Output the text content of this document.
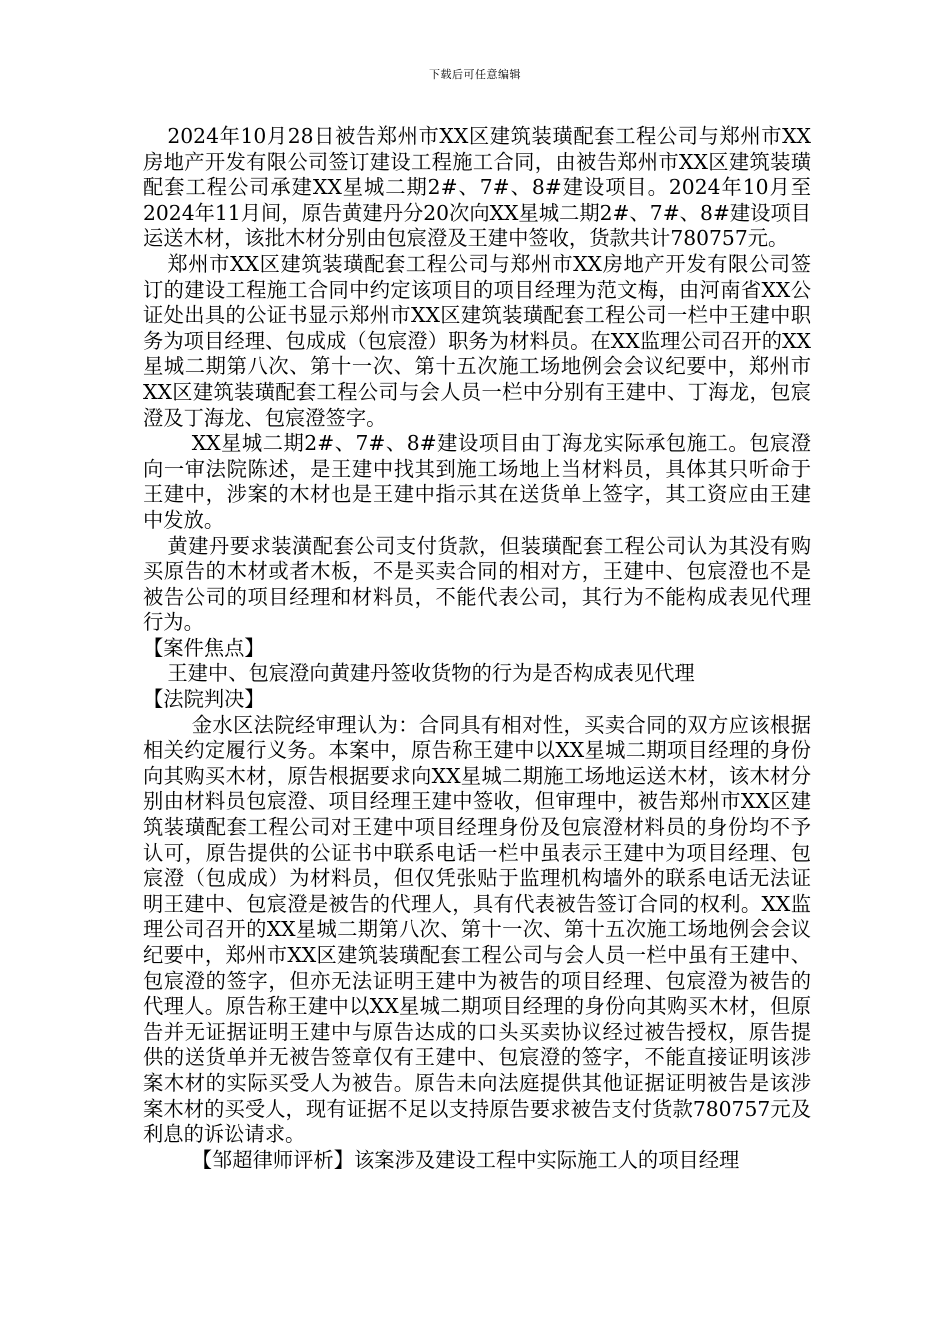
下载后可任意编辑

2024年10月28日被告郑州市XX区建筑装璜配套工程公司与郑州市XX房地产开发有限公司签订建设工程施工合同，由被告郑州市XX区建筑装璜配套工程公司承建XX星城二期2#、7#、8#建设项目。2024年10月至2024年11月间，原告黄建丹分20次向XX星城二期2#、7#、8#建设项目运送木材，该批木材分别由包宸澄及王建中签收，货款共计780757元。

郑州市XX区建筑装璜配套工程公司与郑州市XX房地产开发有限公司签订的建设工程施工合同中约定该项目的项目经理为范文梅，由河南省XX公证处出具的公证书显示郑州市XX区建筑装璜配套工程公司一栏中王建中职务为项目经理、包成成（包宸澄）职务为材料员。在XX监理公司召开的XX星城二期第八次、第十一次、第十五次施工场地例会会议纪要中，郑州市XX区建筑装璜配套工程公司与会人员一栏中分别有王建中、丁海龙，包宸澄及丁海龙、包宸澄签字。

XX星城二期2#、7#、8#建设项目由丁海龙实际承包施工。包宸澄向一审法院陈述，是王建中找其到施工场地上当材料员，具体其只听命于王建中，涉案的木材也是王建中指示其在送货单上签字，其工资应由王建中发放。

黄建丹要求装潢配套公司支付货款，但装璜配套工程公司认为其没有购买原告的木材或者木板，不是买卖合同的相对方，王建中、包宸澄也不是被告公司的项目经理和材料员，不能代表公司，其行为不能构成表见代理行为。

【案件焦点】

王建中、包宸澄向黄建丹签收货物的行为是否构成表见代理

【法院判决】

金水区法院经审理认为：合同具有相对性，买卖合同的双方应该根据相关约定履行义务。本案中，原告称王建中以XX星城二期项目经理的身份向其购买木材，原告根据要求向XX星城二期施工场地运送木材，该木材分别由材料员包宸澄、项目经理王建中签收，但审理中，被告郑州市XX区建筑装璜配套工程公司对王建中项目经理身份及包宸澄材料员的身份均不予认可，原告提供的公证书中联系电话一栏中虽表示王建中为项目经理、包宸澄（包成成）为材料员，但仅凭张贴于监理机构墙外的联系电话无法证明王建中、包宸澄是被告的代理人，具有代表被告签订合同的权利。XX监理公司召开的XX星城二期第八次、第十一次、第十五次施工场地例会会议纪要中，郑州市XX区建筑装璜配套工程公司与会人员一栏中虽有王建中、包宸澄的签字，但亦无法证明王建中为被告的项目经理、包宸澄为被告的代理人。原告称王建中以XX星城二期项目经理的身份向其购买木材，但原告并无证据证明王建中与原告达成的口头买卖协议经过被告授权，原告提供的送货单并无被告签章仅有王建中、包宸澄的签字，不能直接证明该涉案木材的实际买受人为被告。原告未向法庭提供其他证据证明被告是该涉案木材的买受人，现有证据不足以支持原告要求被告支付货款780757元及利息的诉讼请求。

【邹超律师评析】该案涉及建设工程中实际施工人的项目经理
